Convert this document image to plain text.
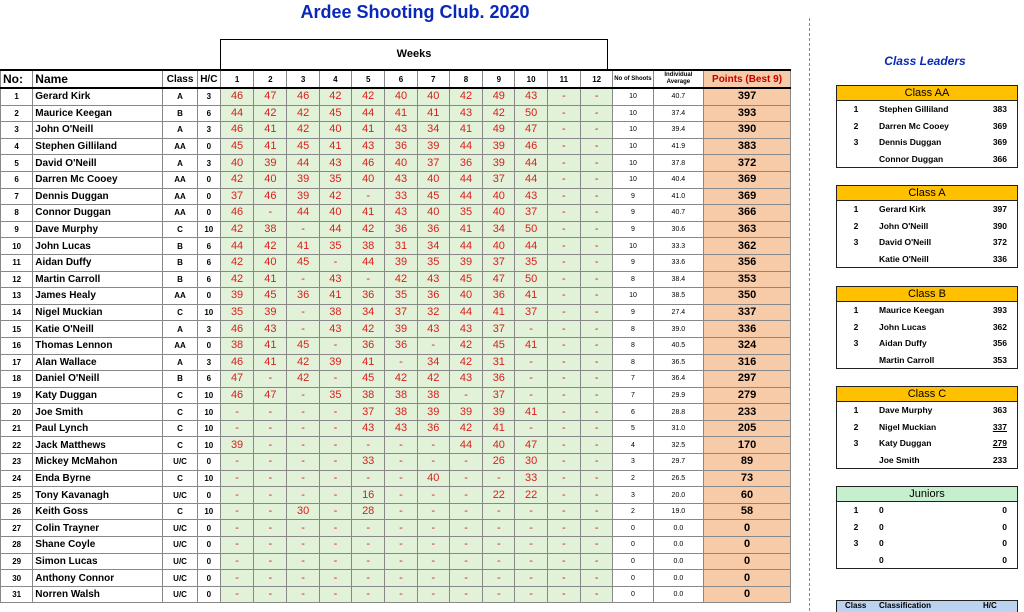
Ardee Shooting Club. 2020
Weeks
No:	Name	Class	H/C	1	2	3	4	5	6	7	8	9	10	11	12	No of Shoots	Individual Average	Points (Best 9)
1	Gerard Kirk	A	3	46	47	46	42	42	40	40	42	49	43	-	-	10	40.7	397
2	Maurice Keegan	B	6	44	42	42	45	44	41	41	43	42	50	-	-	10	37.4	393
3	John O'Neill	A	3	46	41	42	40	41	43	34	41	49	47	-	-	10	39.4	390
4	Stephen Gilliland	AA	0	45	41	45	41	43	36	39	44	39	46	-	-	10	41.9	383
5	David O'Neill	A	3	40	39	44	43	46	40	37	36	39	44	-	-	10	37.8	372
6	Darren Mc Cooey	AA	0	42	40	39	35	40	43	40	44	37	44	-	-	10	40.4	369
7	Dennis Duggan	AA	0	37	46	39	42	-	33	45	44	40	43	-	-	9	41.0	369
8	Connor Duggan	AA	0	46	-	44	40	41	43	40	35	40	37	-	-	9	40.7	366
9	Dave Murphy	C	10	42	38	-	44	42	36	36	41	34	50	-	-	9	30.6	363
10	John Lucas	B	6	44	42	41	35	38	31	34	44	40	44	-	-	10	33.3	362
11	Aidan Duffy	B	6	42	40	45	-	44	39	35	39	37	35	-	-	9	33.6	356
12	Martin Carroll	B	6	42	41	-	43	-	42	43	45	47	50	-	-	8	38.4	353
13	James Healy	AA	0	39	45	36	41	36	35	36	40	36	41	-	-	10	38.5	350
14	Nigel Muckian	C	10	35	39	-	38	34	37	32	44	41	37	-	-	9	27.4	337
15	Katie O'Neill	A	3	46	43	-	43	42	39	43	43	37	-	-	-	8	39.0	336
16	Thomas Lennon	AA	0	38	41	45	-	36	36	-	42	45	41	-	-	8	40.5	324
17	Alan Wallace	A	3	46	41	42	39	41	-	34	42	31	-	-	-	8	36.5	316
18	Daniel O'Neill	B	6	47	-	42	-	45	42	42	43	36	-	-	-	7	36.4	297
19	Katy Duggan	C	10	46	47	-	35	38	38	38	-	37	-	-	-	7	29.9	279
20	Joe Smith	C	10	-	-	-	-	37	38	39	39	39	41	-	-	6	28.8	233
21	Paul Lynch	C	10	-	-	-	-	43	43	36	42	41	-	-	-	5	31.0	205
22	Jack Matthews	C	10	39	-	-	-	-	-	-	44	40	47	-	-	4	32.5	170
23	Mickey McMahon	U/C	0	-	-	-	-	33	-	-	-	26	30	-	-	3	29.7	89
24	Enda Byrne	C	10	-	-	-	-	-	-	40	-	-	33	-	-	2	26.5	73
25	Tony Kavanagh	U/C	0	-	-	-	-	16	-	-	-	22	22	-	-	3	20.0	60
26	Keith Goss	C	10	-	-	30	-	28	-	-	-	-	-	-	-	2	19.0	58
27	Colin Trayner	U/C	0	-	-	-	-	-	-	-	-	-	-	-	-	0	0.0	0
28	Shane Coyle	U/C	0	-	-	-	-	-	-	-	-	-	-	-	-	0	0.0	0
29	Simon Lucas	U/C	0	-	-	-	-	-	-	-	-	-	-	-	-	0	0.0	0
30	Anthony Connor	U/C	0	-	-	-	-	-	-	-	-	-	-	-	-	0	0.0	0
31	Norren Walsh	U/C	0	-	-	-	-	-	-	-	-	-	-	-	-	0	0.0	0
Class Leaders
Class AA
1	Stephen Gilliland	383
2	Darren Mc Cooey	369
3	Dennis Duggan	369
Connor Duggan	366
Class A
1	Gerard Kirk	397
2	John O'Neill	390
3	David O'Neill	372
Katie O'Neill	336
Class B
1	Maurice Keegan	393
2	John Lucas	362
3	Aidan Duffy	356
Martin Carroll	353
Class C
1	Dave Murphy	363
2	Nigel Muckian	337
3	Katy Duggan	279
Joe Smith	233
Juniors
1	0	0
2	0	0
3	0	0
0	0
Class Classification	H/C
